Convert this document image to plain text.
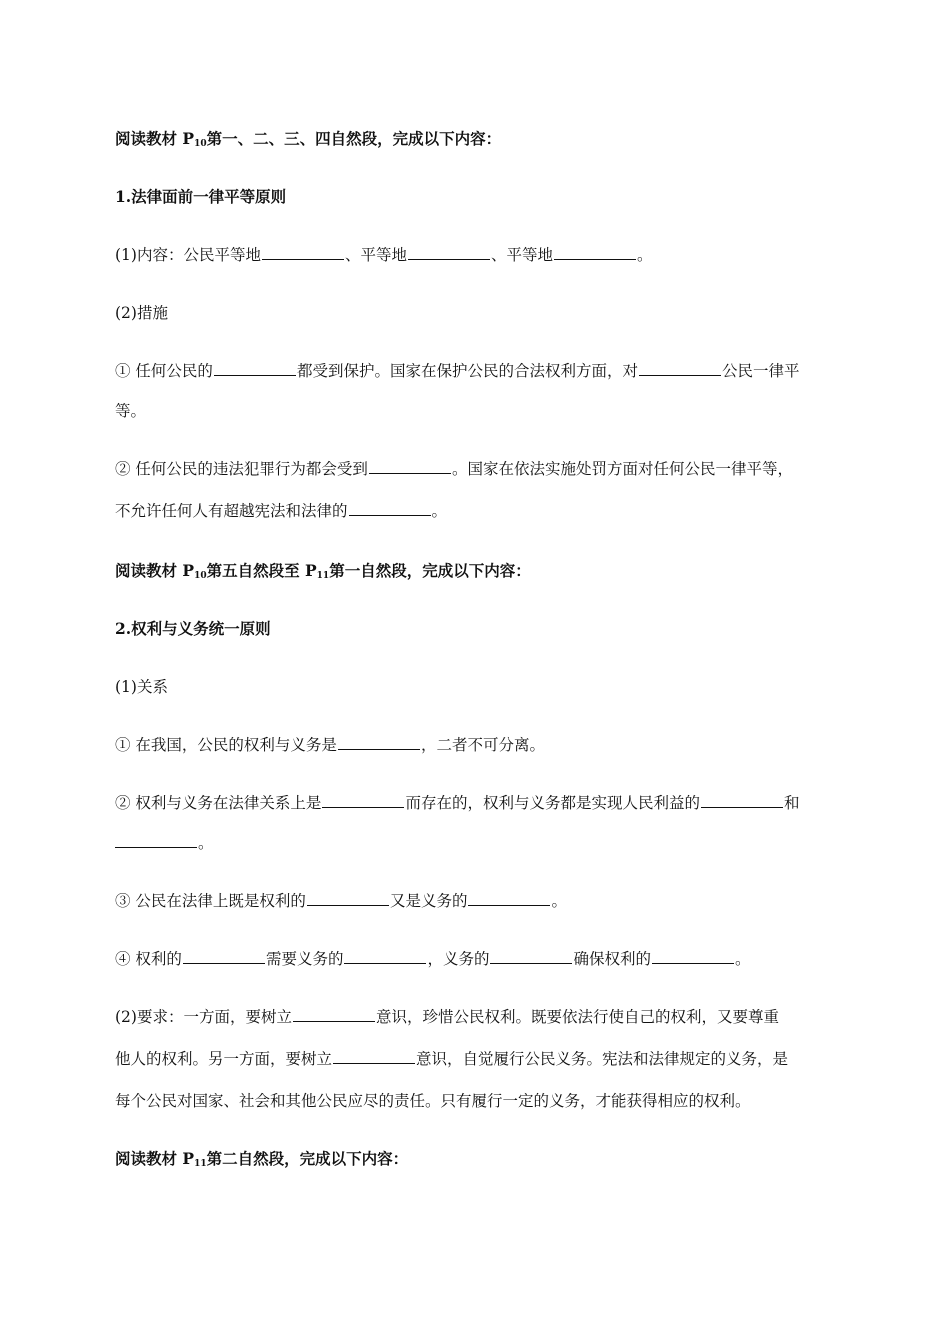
阅读教材 $P_{10}$第一、二、三、四自然段，完成以下内容：
1.法律面前一律平等原则
(1)内容：公民平等地	、平等地	、平等地	。
(2)措施
① 任何公民的	都受到保护。国家在保护公民的合法权利方面，对	公民一律平
等。
② 任何公民的违法犯罪行为都会受到	。国家在依法实施处罚方面对任何公民一律平等，
不允许任何人有超越宪法和法律的	。
阅读教材 $P_{10}$第五自然段至 $P_{11}$第一自然段，完成以下内容：
2.权利与义务统一原则
(1)关系
① 在我国，公民的权利与义务是	，二者不可分离。
② 权利与义务在法律关系上是	而存在的，权利与义务都是实现人民利益的	和
。
③ 公民在法律上既是权利的	又是义务的	。
④ 权利的	需要义务的	，义务的	确保权利的	。
(2)要求：一方面，要树立	意识，珍惜公民权利。既要依法行使自己的权利，又要尊重
他人的权利。另一方面，要树立	意识，自觉履行公民义务。宪法和法律规定的义务，是
每个公民对国家、社会和其他公民应尽的责任。只有履行一定的义务，才能获得相应的权利。
阅读教材 $P_{11}$第二自然段，完成以下内容：
